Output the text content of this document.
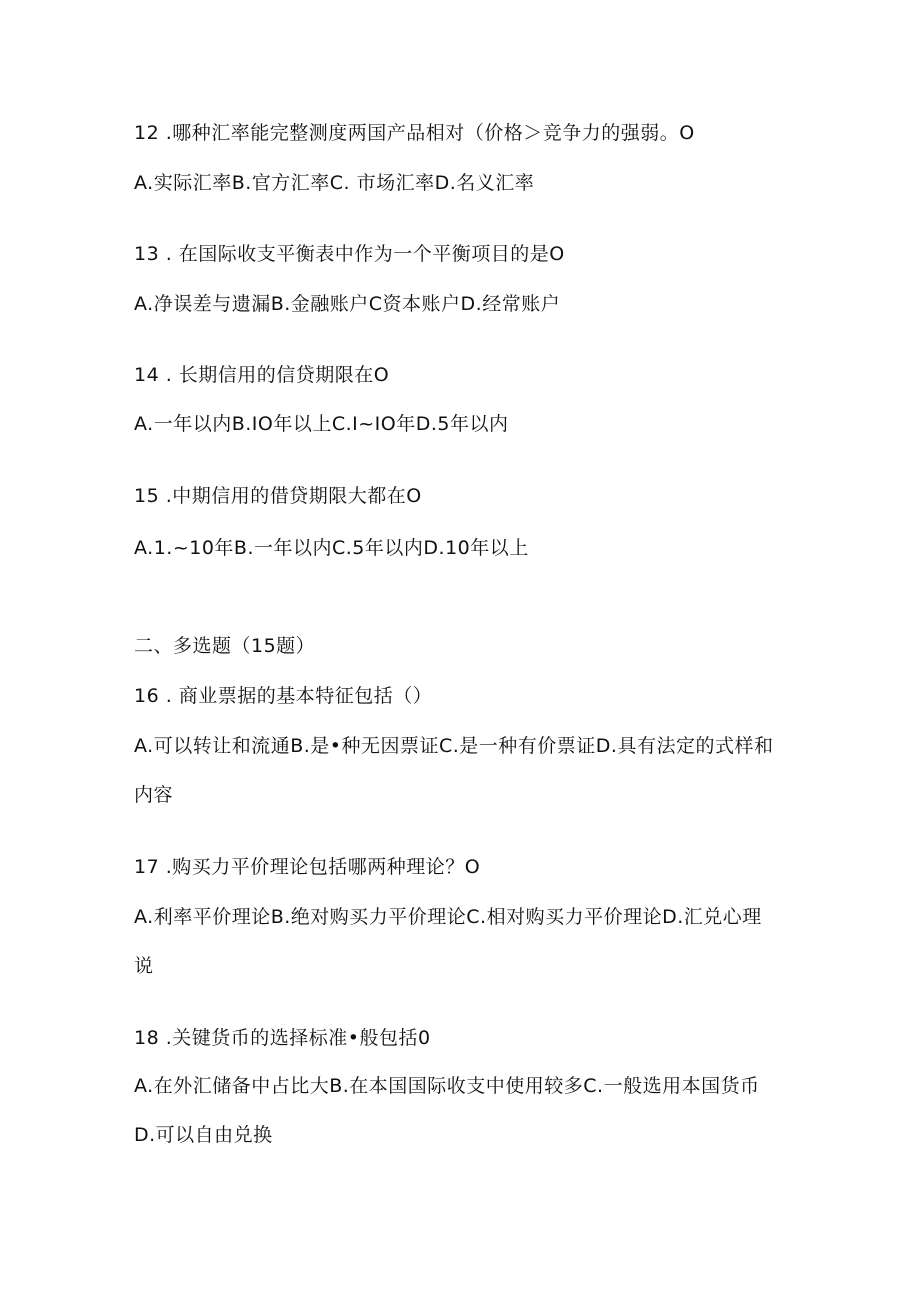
12 .哪种汇率能完整测度两国产品相对（价格＞竞争力的强弱。O
A.实际汇率B.官方汇率C. 市场汇率D.名义汇率
13 . 在国际收支平衡表中作为一个平衡项目的是O
A.净误差与遗漏B.金融账户C资本账户D.经常账户
14 . 长期信用的信贷期限在O
A.一年以内B.IO年以上C.I~IO年D.5年以内
15 .中期信用的借贷期限大都在O
A.1.~10年B.一年以内C.5年以内D.10年以上
二、多选题（15题）
16 . 商业票据的基本特征包括（）
A.可以转让和流通B.是•种无因票证C.是一种有价票证D.具有法定的式样和
内容
17 .购买力平价理论包括哪两种理论？O
A.利率平价理论B.绝对购买力平价理论C.相对购买力平价理论D.汇兑心理
说
18 .关键货币的选择标准•般包括0
A.在外汇储备中占比大B.在本国国际收支中使用较多C.一般选用本国货币
D.可以自由兑换
